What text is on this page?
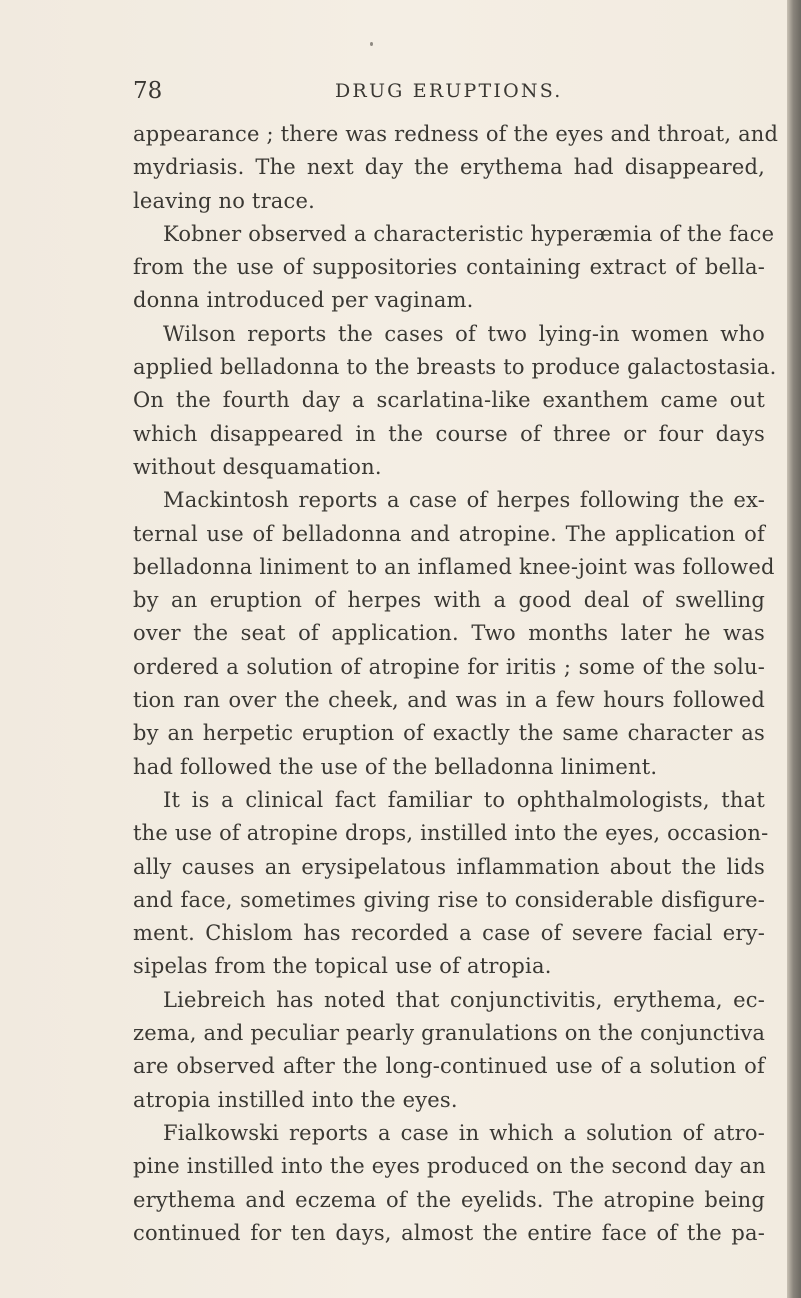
78	DRUG ERUPTIONS.
appearance ; there was redness of the eyes and throat, and
mydriasis. The next day the erythema had disappeared,
leaving no trace.
Kobner observed a characteristic hyperæmia of the face
from the use of suppositories containing extract of bella-
donna introduced per vaginam.
Wilson reports the cases of two lying-in women who
applied belladonna to the breasts to produce galactostasia.
On the fourth day a scarlatina-like exanthem came out
which disappeared in the course of three or four days
without desquamation.
Mackintosh reports a case of herpes following the ex-
ternal use of belladonna and atropine. The application of
belladonna liniment to an inflamed knee-joint was followed
by an eruption of herpes with a good deal of swelling
over the seat of application. Two months later he was
ordered a solution of atropine for iritis ; some of the solu-
tion ran over the cheek, and was in a few hours followed
by an herpetic eruption of exactly the same character as
had followed the use of the belladonna liniment.
It is a clinical fact familiar to ophthalmologists, that
the use of atropine drops, instilled into the eyes, occasion-
ally causes an erysipelatous inflammation about the lids
and face, sometimes giving rise to considerable disfigure-
ment. Chislom has recorded a case of severe facial ery-
sipelas from the topical use of atropia.
Liebreich has noted that conjunctivitis, erythema, ec-
zema, and peculiar pearly granulations on the conjunctiva
are observed after the long-continued use of a solution of
atropia instilled into the eyes.
Fialkowski reports a case in which a solution of atro-
pine instilled into the eyes produced on the second day an
erythema and eczema of the eyelids. The atropine being
continued for ten days, almost the entire face of the pa-
